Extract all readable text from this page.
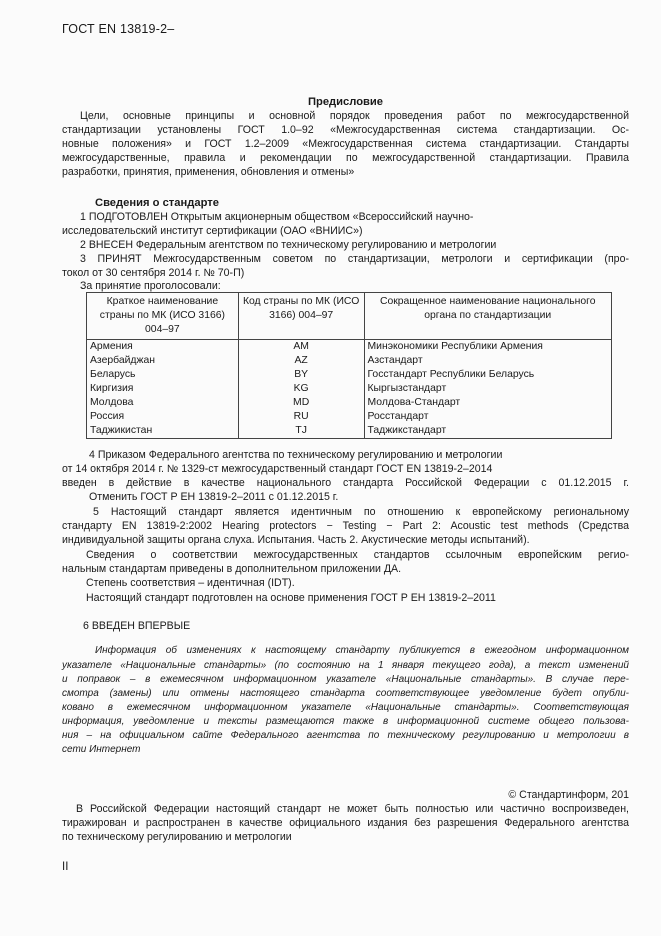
ГОСТ EN 13819-2–
Предисловие
Цели, основные принципы и основной порядок проведения работ по межгосударственной
стандартизации установлены ГОСТ 1.0–92 «Межгосударственная система стандартизации. Ос-
новные положения» и ГОСТ 1.2–2009 «Межгосударственная система стандартизации. Стандарты
межгосударственные, правила и рекомендации по межгосударственной стандартизации. Правила
разработки, принятия, применения, обновления и отмены»
Сведения о стандарте
1 ПОДГОТОВЛЕН Открытым акционерным обществом «Всероссийский научно-
исследовательский институт сертификации (ОАО «ВНИИС»)
2 ВНЕСЕН Федеральным агентством по техническому регулированию и метрологии
3 ПРИНЯТ Межгосударственным советом по стандартизации, метрологи и сертификации (про-
токол от 30 сентября 2014 г. № 70-П)
За принятие проголосовали:
Краткое наименование страны по МК (ИСО 3166) 004–97	Код страны по МК (ИСО 3166) 004–97	Сокращенное наименование национального органа по стандартизации
Армения	AM	Минэкономики Республики Армения
Азербайджан	AZ	Азстандарт
Беларусь	BY	Госстандарт Республики Беларусь
Киргизия	KG	Кыргызстандарт
Молдова	MD	Молдова-Стандарт
Россия	RU	Росстандарт
Таджикистан	TJ	Таджикстандарт
4 Приказом Федерального агентства по техническому регулированию и метрологии
от 14 октября 2014 г. № 1329-ст межгосударственный стандарт ГОСТ EN 13819-2–2014
введен в действие в качестве национального стандарта Российской Федерации с 01.12.2015 г.
Отменить ГОСТ Р ЕН 13819-2–2011 с 01.12.2015 г.
5 Настоящий стандарт является идентичным по отношению к европейскому региональному
стандарту EN 13819-2:2002 Hearing protectors − Testing − Part 2: Acoustic test methods (Средства
индивидуальной защиты органа слуха. Испытания. Часть 2. Акустические методы испытаний).
Сведения о соответствии межгосударственных стандартов ссылочным европейским регио-
нальным стандартам приведены в дополнительном приложении ДА.
Степень соответствия – идентичная (IDT).
Настоящий стандарт подготовлен на основе применения ГОСТ Р ЕН 13819-2–2011
6 ВВЕДЕН ВПЕРВЫЕ
Информация об изменениях к настоящему стандарту публикуется в ежегодном информационном
указателе «Национальные стандарты» (по состоянию на 1 января текущего года), а текст изменений
и поправок – в ежемесячном информационном указателе «Национальные стандарты». В случае пере-
смотра (замены) или отмены настоящего стандарта соответствующее уведомление будет опубли-
ковано в ежемесячном информационном указателе «Национальные стандарты». Соответствующая
информация, уведомление и тексты размещаются также в информационной системе общего пользова-
ния – на официальном сайте Федерального агентства по техническому регулированию и метрологии в
сети Интернет
© Стандартинформ, 201
В Российской Федерации настоящий стандарт не может быть полностью или частично воспроизведен,
тиражирован и распространен в качестве официального издания без разрешения Федерального агентства
по техническому регулированию и метрологии
II
